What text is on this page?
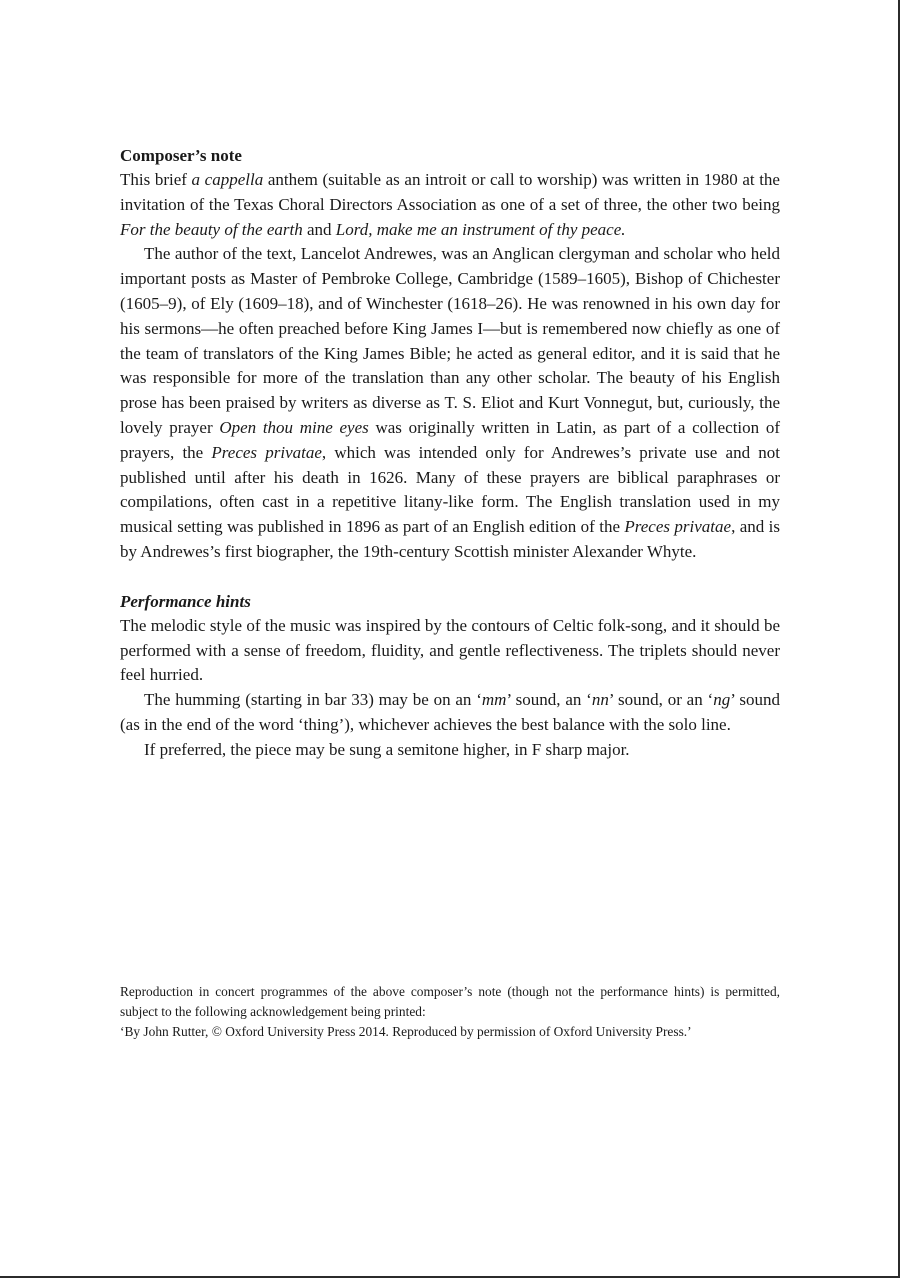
Composer’s note

This brief a cappella anthem (suitable as an introit or call to worship) was written in 1980 at the invitation of the Texas Choral Directors Association as one of a set of three, the other two being For the beauty of the earth and Lord, make me an instrument of thy peace.

The author of the text, Lancelot Andrewes, was an Anglican clergyman and scholar who held important posts as Master of Pembroke College, Cambridge (1589–1605), Bishop of Chichester (1605–9), of Ely (1609–18), and of Winchester (1618–26). He was renowned in his own day for his sermons—he often preached before King James I—but is remembered now chiefly as one of the team of translators of the King James Bible; he acted as general editor, and it is said that he was responsible for more of the translation than any other scholar. The beauty of his English prose has been praised by writers as diverse as T. S. Eliot and Kurt Vonnegut, but, curiously, the lovely prayer Open thou mine eyes was originally written in Latin, as part of a collection of prayers, the Preces privatae, which was intended only for Andrewes’s private use and not published until after his death in 1626. Many of these prayers are biblical paraphrases or compilations, often cast in a repetitive litany-like form. The English translation used in my musical setting was published in 1896 as part of an English edition of the Preces privatae, and is by Andrewes’s first biographer, the 19th-century Scottish minister Alexander Whyte.

Performance hints

The melodic style of the music was inspired by the contours of Celtic folk-song, and it should be performed with a sense of freedom, fluidity, and gentle reflectiveness. The triplets should never feel hurried.

The humming (starting in bar 33) may be on an ‘mm’ sound, an ‘nn’ sound, or an ‘ng’ sound (as in the end of the word ‘thing’), whichever achieves the best balance with the solo line.

If preferred, the piece may be sung a semitone higher, in F sharp major.

Reproduction in concert programmes of the above composer’s note (though not the performance hints) is permitted, subject to the following acknowledgement being printed:

‘By John Rutter, © Oxford University Press 2014. Reproduced by permission of Oxford University Press.’
